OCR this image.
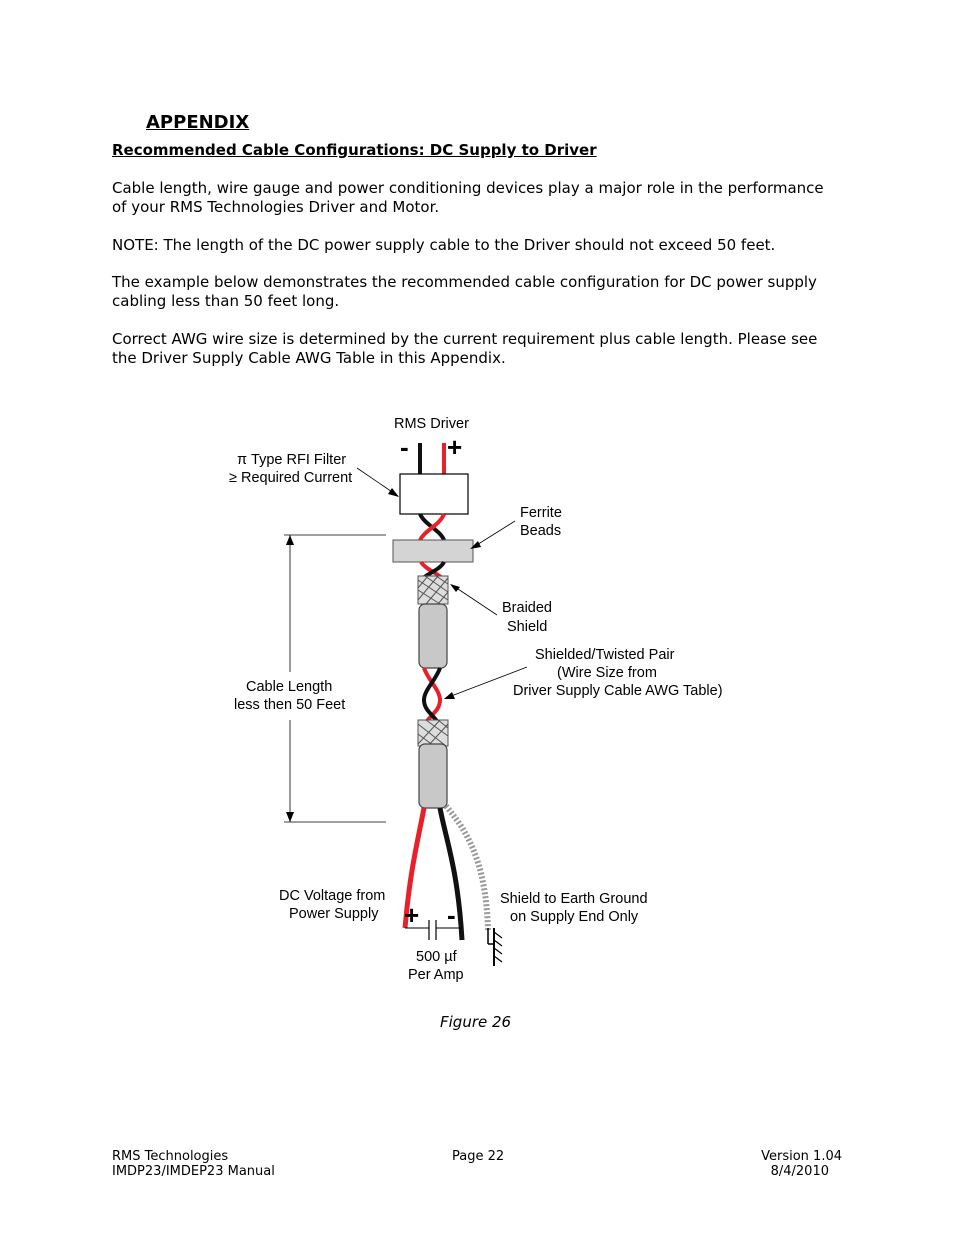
APPENDIX
Recommended Cable Configurations: DC Supply to Driver
Cable length, wire gauge and power conditioning devices play a major role in the performance of your RMS Technologies Driver and Motor.
NOTE: The length of the DC power supply cable to the Driver should not exceed 50 feet.
The example below demonstrates the recommended cable configuration for DC power supply cabling less than 50 feet long.
Correct AWG wire size is determined by the current requirement plus cable length. Please see the Driver Supply Cable AWG Table in this Appendix.
RMS Driver
- +
+ -
π Type RFI Filter
≥ Required Current
Cable Length
less then 50 Feet
DC Voltage from
Power Supply
Ferrite
Beads
Braided
Shield
Shielded/Twisted Pair
(Wire Size from
Driver Supply Cable AWG Table)
Shield to Earth Ground
on Supply End Only
500 µf
Per Amp
Figure 26
RMS Technologies
IMDP23/IMDEP23 Manual
Page 22	Version 1.04
8/4/2010
